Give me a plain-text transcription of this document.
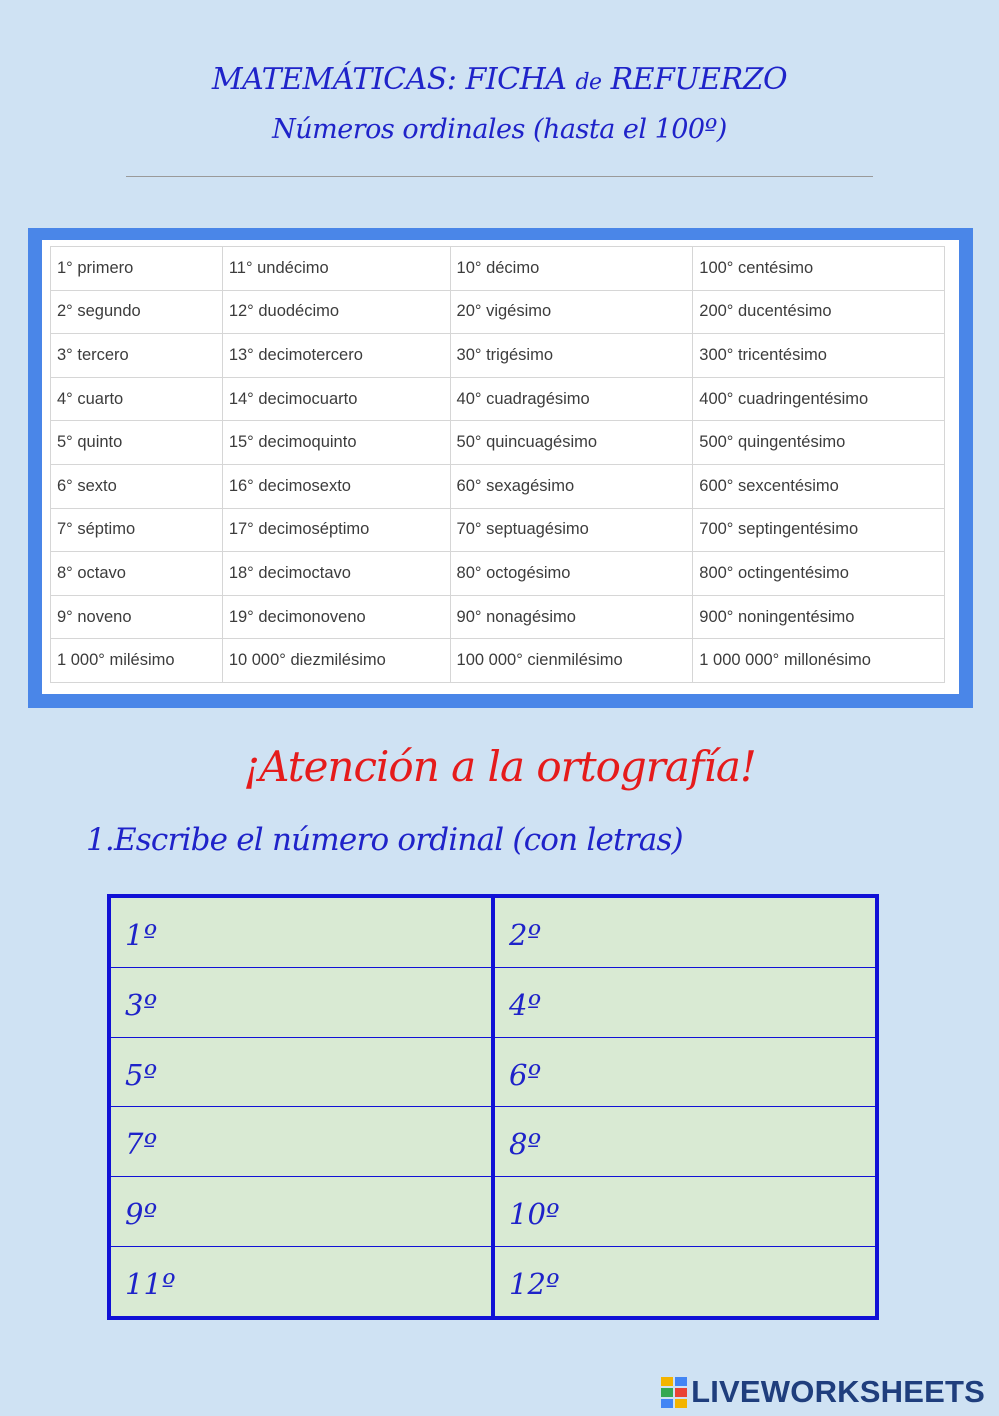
MATEMÁTICAS: FICHA de REFUERZO
Números ordinales (hasta el 100º)
1° primero	11° undécimo	10° décimo	100° centésimo
2° segundo	12° duodécimo	20° vigésimo	200° ducentésimo
3° tercero	13° decimotercero	30° trigésimo	300° tricentésimo
4° cuarto	14° decimocuarto	40° cuadragésimo	400° cuadringentésimo
5° quinto	15° decimoquinto	50° quincuagésimo	500° quingentésimo
6° sexto	16° decimosexto	60° sexagésimo	600° sexcentésimo
7° séptimo	17° decimoséptimo	70° septuagésimo	700° septingentésimo
8° octavo	18° decimoctavo	80° octogésimo	800° octingentésimo
9° noveno	19° decimonoveno	90° nonagésimo	900° noningentésimo
1 000° milésimo	10 000° diezmilésimo	100 000° cienmilésimo	1 000 000° millonésimo
¡Atención a la ortografía!
1.Escribe el número ordinal (con letras)
1º	2º
3º	4º
5º	6º
7º	8º
9º	10º
11º	12º
LIVEWORKSHEETS
